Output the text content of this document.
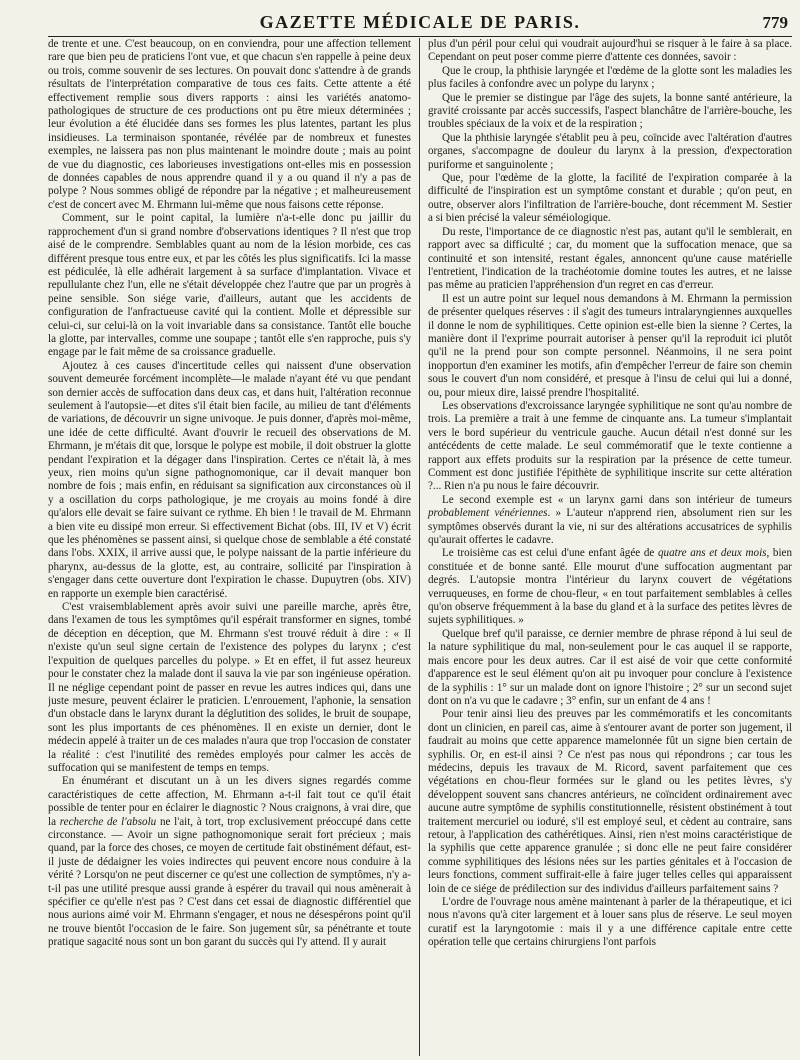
GAZETTE MÉDICALE DE PARIS.	779

de trente et une. C'est beaucoup, on en conviendra, pour une affection tellement rare que bien peu de praticiens l'ont vue, et que chacun s'en rappelle à peine deux ou trois, comme souvenir de ses lectures. On pouvait donc s'attendre à de grands résultats de l'interprétation comparative de tous ces faits. Cette attente a été effectivement remplie sous divers rapports : ainsi les variétés anatomo-pathologiques de structure de ces productions ont pu être mieux déterminées ; leur évolution a été élucidée dans ses formes les plus latentes, partant les plus insidieuses. La terminaison spontanée, révélée par de nombreux et funestes exemples, ne laissera pas non plus maintenant le moindre doute ; mais au point de vue du diagnostic, ces laborieuses investigations ont-elles mis en possession de données capables de nous apprendre quand il y a ou quand il n'y a pas de polype ? Nous sommes obligé de répondre par la négative ; et malheureusement c'est de concert avec M. Ehrmann lui-même que nous faisons cette réponse.

Comment, sur le point capital, la lumière n'a-t-elle donc pu jaillir du rapprochement d'un si grand nombre d'observations identiques ? Il n'est que trop aisé de le comprendre. Semblables quant au nom de la lésion morbide, ces cas différent presque tous entre eux, et par les côtés les plus significatifs. Ici la masse est pédiculée, là elle adhérait largement à sa surface d'implantation. Vivace et repullulante chez l'un, elle ne s'était développée chez l'autre que par un progrès à peine sensible. Son siége varie, d'ailleurs, autant que les accidents de configuration de l'anfractueuse cavité qui la contient. Molle et dépressible sur celui-ci, sur celui-là on la voit invariable dans sa consistance. Tantôt elle bouche la glotte, par intervalles, comme une soupape ; tantôt elle s'en rapproche, puis s'y engage par le fait même de sa croissance graduelle.

Ajoutez à ces causes d'incertitude celles qui naissent d'une observation souvent demeurée forcément incomplète—le malade n'ayant été vu que pendant son dernier accès de suffocation dans deux cas, et dans huit, l'altération reconnue seulement à l'autopsie—et dites s'il était bien facile, au milieu de tant d'éléments de variations, de découvrir un signe univoque. Je puis donner, d'après moi-même, une idée de cette difficulté. Avant d'ouvrir le recueil des observations de M. Ehrmann, je m'étais dit que, lorsque le polype est mobile, il doit obstruer la glotte pendant l'expiration et la dégager dans l'inspiration. Certes ce n'était là, à mes yeux, rien moins qu'un signe pathognomonique, car il devait manquer bon nombre de fois ; mais enfin, en réduisant sa signification aux circonstances où il y a oscillation du corps pathologique, je me croyais au moins fondé à dire qu'alors elle devait se faire suivant ce rythme. Eh bien ! le travail de M. Ehrmann a bien vite eu dissipé mon erreur. Si effectivement Bichat (obs. III, IV et V) écrit que les phénomènes se passent ainsi, si quelque chose de semblable a été constaté dans l'obs. XXIX, il arrive aussi que, le polype naissant de la partie inférieure du pharynx, au-dessus de la glotte, est, au contraire, sollicité par l'inspiration à s'engager dans cette ouverture dont l'expiration le chasse. Dupuytren (obs. XIV) en rapporte un exemple bien caractérisé.

C'est vraisemblablement après avoir suivi une pareille marche, après être, dans l'examen de tous les symptômes qu'il espérait transformer en signes, tombé de déception en déception, que M. Ehrmann s'est trouvé réduit à dire : « Il n'existe qu'un seul signe certain de l'existence des polypes du larynx ; c'est l'expuition de quelques parcelles du polype. » Et en effet, il fut assez heureux pour le constater chez la malade dont il sauva la vie par son ingénieuse opération. Il ne néglige cependant point de passer en revue les autres indices qui, dans une juste mesure, peuvent éclairer le praticien. L'enrouement, l'aphonie, la sensation d'un obstacle dans le larynx durant la déglutition des solides, le bruit de soupape, sont les plus importants de ces phénomènes. Il en existe un dernier, dont le médecin appelé à traiter un de ces malades n'aura que trop l'occasion de constater la réalité : c'est l'inutilité des remèdes employés pour calmer les accès de suffocation qui se manifestent de temps en temps.

En énumérant et discutant un à un les divers signes regardés comme caractéristiques de cette affection, M. Ehrmann a-t-il fait tout ce qu'il était possible de tenter pour en éclairer le diagnostic ? Nous craignons, à vrai dire, que la recherche de l'absolu ne l'ait, à tort, trop exclusivement préoccupé dans cette circonstance. — Avoir un signe pathognomonique serait fort précieux ; mais quand, par la force des choses, ce moyen de certitude fait obstinément défaut, est-il juste de dédaigner les voies indirectes qui peuvent encore nous conduire à la vérité ? Lorsqu'on ne peut discerner ce qu'est une collection de symptômes, n'y a-t-il pas une utilité presque aussi grande à espérer du travail qui nous amènerait à spécifier ce qu'elle n'est pas ? C'est dans cet essai de diagnostic différentiel que nous aurions aimé voir M. Ehrmann s'engager, et nous ne désespérons point qu'il ne trouve bientôt l'occasion de le faire. Son jugement sûr, sa pénétrante et toute pratique sagacité nous sont un bon garant du succès qui l'y attend. Il y aurait

plus d'un péril pour celui qui voudrait aujourd'hui se risquer à le faire à sa place. Cependant on peut poser comme pierre d'attente ces données, savoir :

Que le croup, la phthisie laryngée et l'œdème de la glotte sont les maladies les plus faciles à confondre avec un polype du larynx ;

Que le premier se distingue par l'âge des sujets, la bonne santé antérieure, la gravité croissante par accès successifs, l'aspect blanchâtre de l'arrière-bouche, les troubles spéciaux de la voix et de la respiration ;

Que la phthisie laryngée s'établit peu à peu, coïncide avec l'altération d'autres organes, s'accompagne de douleur du larynx à la pression, d'expectoration puriforme et sanguinolente ;

Que, pour l'œdème de la glotte, la facilité de l'expiration comparée à la difficulté de l'inspiration est un symptôme constant et durable ; qu'on peut, en outre, observer alors l'infiltration de l'arrière-bouche, dont récemment M. Sestier a si bien précisé la valeur séméiologique.

Du reste, l'importance de ce diagnostic n'est pas, autant qu'il le semblerait, en rapport avec sa difficulté ; car, du moment que la suffocation menace, que sa continuité et son intensité, restant égales, annoncent qu'une cause matérielle l'entretient, l'indication de la trachéotomie domine toutes les autres, et ne laisse pas même au praticien l'appréhension d'un regret en cas d'erreur.

Il est un autre point sur lequel nous demandons à M. Ehrmann la permission de présenter quelques réserves : il s'agit des tumeurs intralaryngiennes auxquelles il donne le nom de syphilitiques. Cette opinion est-elle bien la sienne ? Certes, la manière dont il l'exprime pourrait autoriser à penser qu'il la reproduit ici plutôt qu'il ne la prend pour son compte personnel. Néanmoins, il ne sera point inopportun d'en examiner les motifs, afin d'empêcher l'erreur de faire son chemin sous le couvert d'un nom considéré, et presque à l'insu de celui qui lui a donné, ou, pour mieux dire, laissé prendre l'hospitalité.

Les observations d'excroissance laryngée syphilitique ne sont qu'au nombre de trois. La première a trait à une femme de cinquante ans. La tumeur s'implantait vers le bord supérieur du ventricule gauche. Aucun détail n'est donné sur les antécédents de cette malade. Le seul commémoratif que le texte contienne a rapport aux effets produits sur la respiration par la présence de cette tumeur. Comment est donc justifiée l'épithète de syphilitique inscrite sur cette altération ?... Rien n'a pu nous le faire découvrir.

Le second exemple est « un larynx garni dans son intérieur de tumeurs probablement vénériennes. » L'auteur n'apprend rien, absolument rien sur les symptômes observés durant la vie, ni sur des altérations accusatrices de syphilis qu'aurait offertes le cadavre.

Le troisième cas est celui d'une enfant âgée de quatre ans et deux mois, bien constituée et de bonne santé. Elle mourut d'une suffocation augmentant par degrés. L'autopsie montra l'intérieur du larynx couvert de végétations verruqueuses, en forme de chou-fleur, « en tout parfaitement semblables à celles qu'on observe fréquemment à la base du gland et à la surface des petites lèvres de sujets syphilitiques. »

Quelque bref qu'il paraisse, ce dernier membre de phrase répond à lui seul de la nature syphilitique du mal, non-seulement pour le cas auquel il se rapporte, mais encore pour les deux autres. Car il est aisé de voir que cette conformité d'apparence est le seul élément qu'on ait pu invoquer pour conclure à l'existence de la syphilis : 1° sur un malade dont on ignore l'histoire ; 2° sur un second sujet dont on n'a vu que le cadavre ; 3° enfin, sur un enfant de 4 ans !

Pour tenir ainsi lieu des preuves par les commémoratifs et les concomitants dont un clinicien, en pareil cas, aime à s'entourer avant de porter son jugement, il faudrait au moins que cette apparence mamelonnée fût un signe bien certain de syphilis. Or, en est-il ainsi ? Ce n'est pas nous qui répondrons ; car tous les médecins, depuis les travaux de M. Ricord, savent parfaitement que ces végétations en chou-fleur formées sur le gland ou les petites lèvres, s'y développent souvent sans chancres antérieurs, ne coïncident ordinairement avec aucune autre symptôme de syphilis constitutionnelle, résistent obstinément à tout traitement mercuriel ou ioduré, s'il est employé seul, et cèdent au contraire, sans retour, à l'application des cathérétiques. Ainsi, rien n'est moins caractéristique de la syphilis que cette apparence granulée ; si donc elle ne peut faire considérer comme syphilitiques des lésions nées sur les parties génitales et à l'occasion de leurs fonctions, comment suffirait-elle à faire juger telles celles qui apparaissent loin de ce siége de prédilection sur des individus d'ailleurs parfaitement sains ?

L'ordre de l'ouvrage nous amène maintenant à parler de la thérapeutique, et ici nous n'avons qu'à citer largement et à louer sans plus de réserve. Le seul moyen curatif est la laryngotomie : mais il y a une différence capitale entre cette opération telle que certains chirurgiens l'ont parfois
